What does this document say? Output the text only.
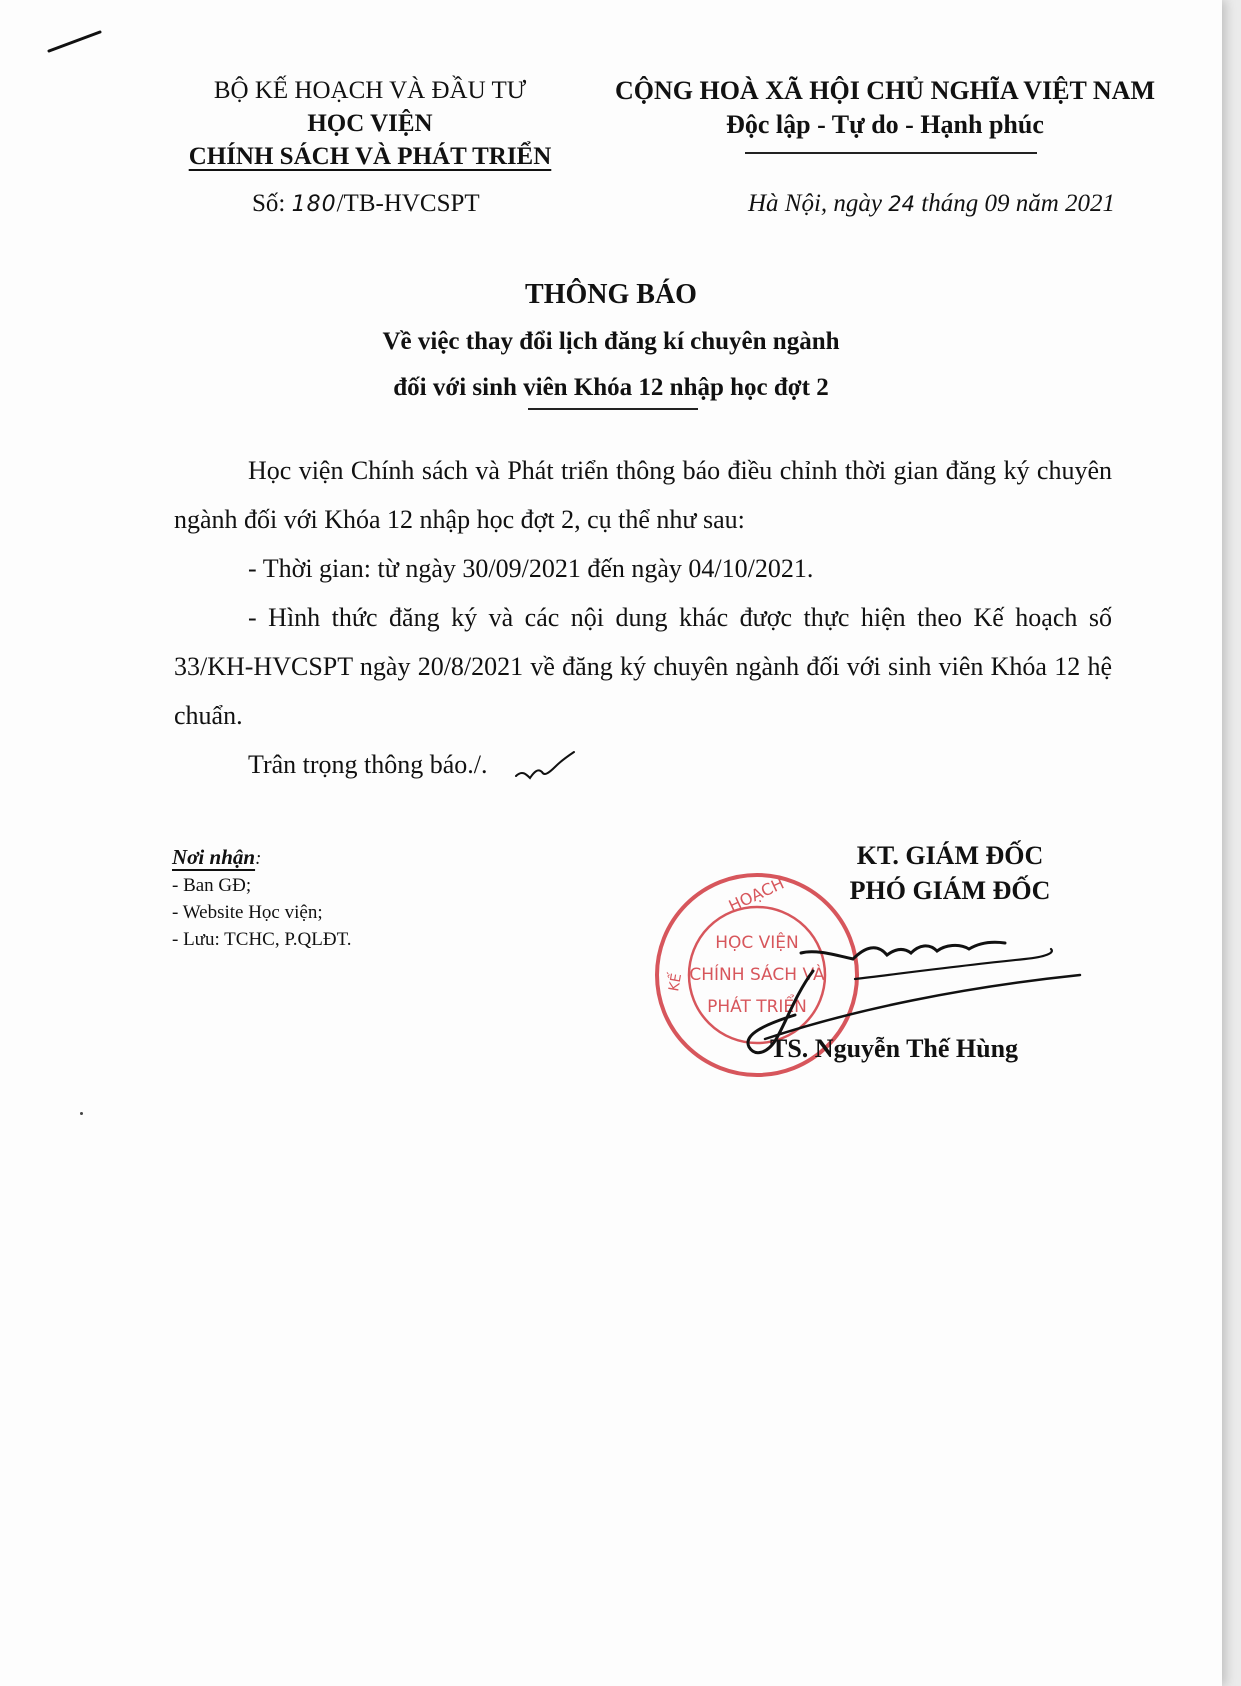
BỘ KẾ HOẠCH VÀ ĐẦU TƯ
HỌC VIỆN
CHÍNH SÁCH VÀ PHÁT TRIỂN
CỘNG HOÀ XÃ HỘI CHỦ NGHĨA VIỆT NAM
Độc lập - Tự do - Hạnh phúc
Số: 180/TB-HVCSPT	Hà Nội, ngày 24 tháng 09 năm 2021
THÔNG BÁO
Về việc thay đổi lịch đăng kí chuyên ngành
đối với sinh viên Khóa 12 nhập học đợt 2

Học viện Chính sách và Phát triển thông báo điều chỉnh thời gian đăng ký chuyên ngành đối với Khóa 12 nhập học đợt 2, cụ thể như sau:

- Thời gian: từ ngày 30/09/2021 đến ngày 04/10/2021.

- Hình thức đăng ký và các nội dung khác được thực hiện theo Kế hoạch số 33/KH-HVCSPT ngày 20/8/2021 về đăng ký chuyên ngành đối với sinh viên Khóa 12 hệ chuẩn.

Trân trọng thông báo./.

Nơi nhận:
- Ban GĐ;
- Website Học viện;
- Lưu: TCHC, P.QLĐT.
KT. GIÁM ĐỐC
PHÓ GIÁM ĐỐC
HOẠCH
KẾ
HỌC VIỆN
CHÍNH SÁCH VÀ
PHÁT TRIỂN
TS. Nguyễn Thế Hùng
